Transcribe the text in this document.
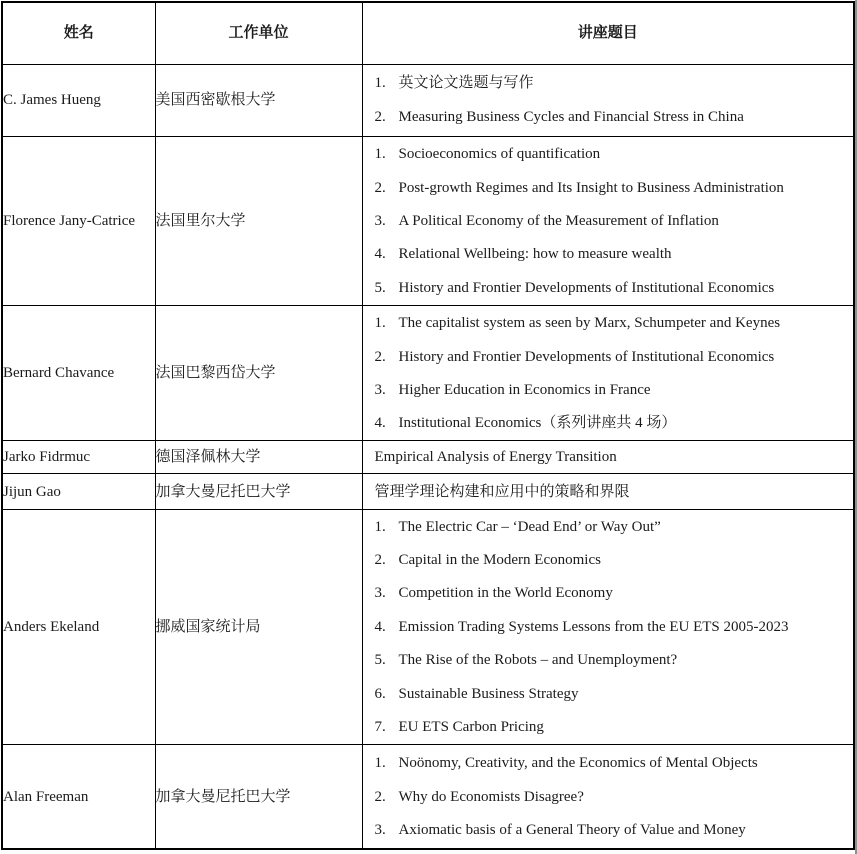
姓名	工作单位	讲座题目
C. James Hueng	美国西密歇根大学	1. 英文论文选题与写作
2. Measuring Business Cycles and Financial Stress in China

Florence Jany-Catrice	法国里尔大学	
1. Socioeconomics of quantification
2. Post-growth Regimes and Its Insight to Business Administration
3. A Political Economy of the Measurement of Inflation
4. Relational Wellbeing: how to measure wealth
5. History and Frontier Developments of Institutional Economics

Bernard Chavance	法国巴黎西岱大学	
1. The capitalist system as seen by Marx, Schumpeter and Keynes
2. History and Frontier Developments of Institutional Economics
3. Higher Education in Economics in France
4. Institutional Economics（系列讲座共 4 场）

Jarko Fidrmuc	德国泽佩林大学	Empirical Analysis of Energy Transition

Jijun Gao	加拿大曼尼托巴大学	管理学理论构建和应用中的策略和界限

Anders Ekeland	挪威国家统计局	
1. The Electric Car – ‘Dead End’ or Way Out”
2. Capital in the Modern Economics
3. Competition in the World Economy
4. Emission Trading Systems Lessons from the EU ETS 2005-2023
5. The Rise of the Robots – and Unemployment?
6. Sustainable Business Strategy
7. EU ETS Carbon Pricing

Alan Freeman	加拿大曼尼托巴大学	
1. Noönomy, Creativity, and the Economics of Mental Objects
2. Why do Economists Disagree?
3. Axiomatic basis of a General Theory of Value and Money
